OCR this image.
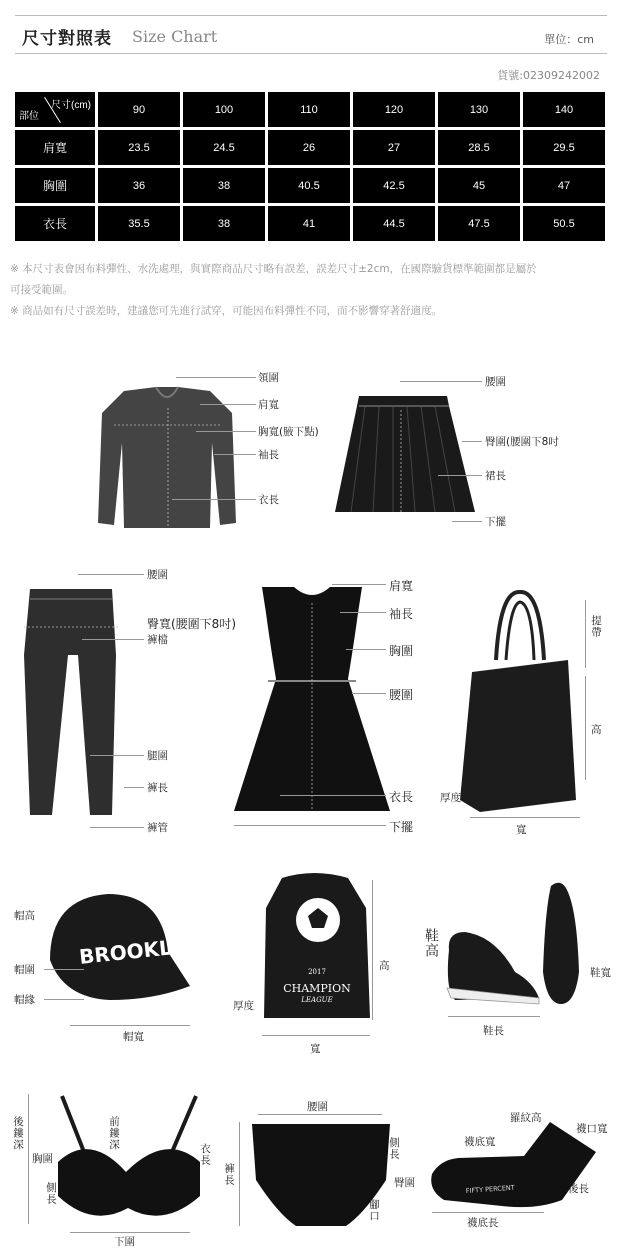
尺寸對照表 Size Chart	單位：cm
貨號:02309242002
部位
尺寸(cm)	90	100	110	120	130	140
肩寬	23.5	24.5	26	27	28.5	29.5
胸圍	36	38	40.5	42.5	45	47
衣長	35.5	38	41	44.5	47.5	50.5
※ 本尺寸表會因布料彈性、水洗處理，與實際商品尺寸略有誤差，誤差尺寸±2cm，在國際驗貨標準範圍都是屬於
可接受範圍。
※ 商品如有尺寸誤差時，建議您可先進行試穿，可能因布料彈性不同，而不影響穿著舒適度。
領圍
肩寬
胸寬(腋下點)
袖長
衣長
腰圍
臀圍(腰圍下8吋
裙長
下擺
腰圍
臀寬(腰圍下8吋)
褲檔
腿圍
褲長
褲管
肩寬
袖長
胸圍
腰圍
衣長
下擺
提帶
高
厚度
寬
BROOKLYN
帽高
帽圍
帽緣
帽寬
2017
CHAMPION
LEAGUE
高
厚度
寬
鞋高
鞋寬
鞋長
後鏤深	前鏤深
胸圍
側長
衣長
下圍
腰圍
褲長
側長
臀圍
腳口
FIFTY PERCENT
羅紋高
襪口寬
襪底寬
後長
襪底長
